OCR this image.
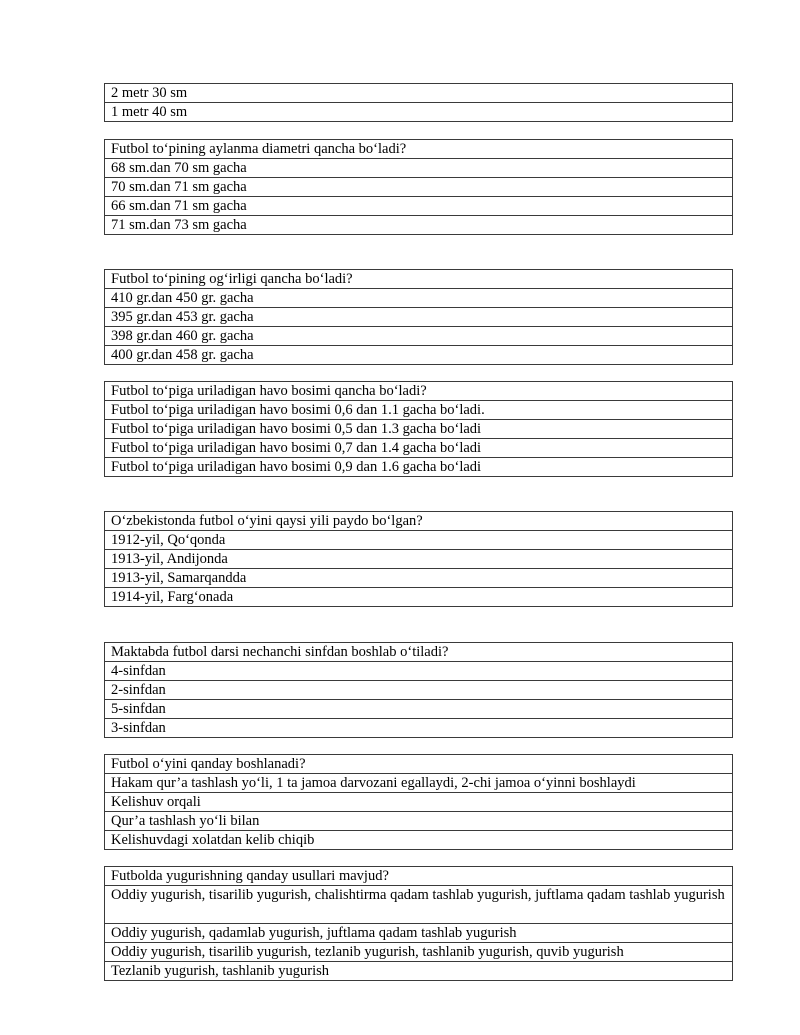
2 metr 30 sm
1 metr 40 sm
Futbol to‘pining aylanma diametri qancha bo‘ladi?
68 sm.dan 70 sm gacha
70 sm.dan 71 sm gacha
66 sm.dan 71 sm gacha
71 sm.dan 73 sm gacha
Futbol to‘pining og‘irligi qancha bo‘ladi?
410 gr.dan 450 gr. gacha
395 gr.dan 453 gr. gacha
398 gr.dan 460 gr. gacha
400 gr.dan 458 gr. gacha
Futbol to‘piga uriladigan havo bosimi qancha bo‘ladi?
Futbol to‘piga uriladigan havo bosimi 0,6 dan 1.1 gacha bo‘ladi.
Futbol to‘piga uriladigan havo bosimi 0,5 dan 1.3 gacha bo‘ladi
Futbol to‘piga uriladigan havo bosimi 0,7 dan 1.4 gacha bo‘ladi
Futbol to‘piga uriladigan havo bosimi 0,9 dan 1.6 gacha bo‘ladi
O‘zbekistonda futbol o‘yini qaysi yili paydo bo‘lgan?
1912-yil, Qo‘qonda
1913-yil, Andijonda
1913-yil, Samarqandda
1914-yil, Farg‘onada
Maktabda futbol darsi nechanchi sinfdan boshlab o‘tiladi?
4-sinfdan
2-sinfdan
5-sinfdan
3-sinfdan
Futbol o‘yini qanday boshlanadi?
Hakam qur’a tashlash yo‘li, 1 ta jamoa darvozani egallaydi, 2-chi jamoa o‘yinni boshlaydi
Kelishuv orqali
Qur’a tashlash yo‘li bilan
Kelishuvdagi xolatdan kelib chiqib
Futbolda yugurishning qanday usullari mavjud?
Oddiy yugurish, tisarilib yugurish, chalishtirma qadam tashlab yugurish, juftlama qadam tashlab yugurish
Oddiy yugurish, qadamlab yugurish, juftlama qadam tashlab yugurish
Oddiy yugurish, tisarilib yugurish, tezlanib yugurish, tashlanib yugurish, quvib yugurish
Tezlanib yugurish, tashlanib yugurish
